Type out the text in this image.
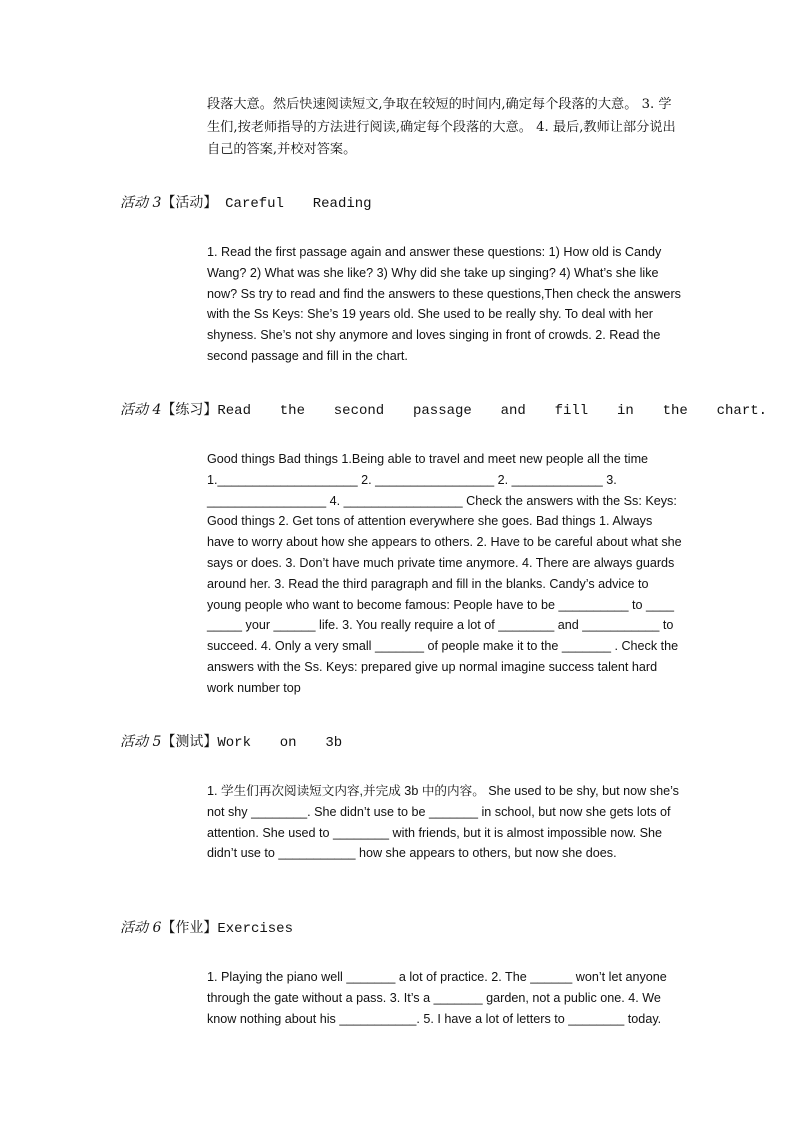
段落大意。然后快速阅读短文,争取在较短的时间内,确定每个段落的大意。 3. 学生们,按老师指导的方法进行阅读,确定每个段落的大意。 4. 最后,教师让部分说出自己的答案,并校对答案。

活动 3【活动】 Careful  Reading

1. Read the first passage again and answer these questions: 1) How old is Candy Wang? 2) What was she like? 3) Why did she take up singing? 4) What’s she like now? Ss try to read and find the answers to these questions,Then check the answers with the Ss Keys: She’s 19 years old. She used to be really shy. To deal with her shyness. She’s not shy anymore and loves singing in front of crowds. 2. Read the second passage and fill in the chart.

活动 4【练习】Read  the  second  passage  and  fill  in  the  chart.

Good things Bad things 1.Being able to travel and meet new people all the time 1.____________________ 2. _________________ 2. _____________ 3. _________________ 4. _________________ Check the answers with the Ss: Keys: Good things 2. Get tons of attention everywhere she goes. Bad things 1. Always have to worry about how she appears to others. 2. Have to be careful about what she says or does. 3. Don’t have much private time anymore. 4. There are always guards around her. 3. Read the third paragraph and fill in the blanks. Candy’s advice to young people who want to become famous: People have to be __________ to ____ _____ your ______ life. 3. You really require a lot of ________ and ___________ to succeed. 4. Only a very small _______ of people make it to the _______ . Check the answers with the Ss. Keys: prepared give up normal imagine success talent hard work number top

活动 5【测试】Work  on  3b

1. 学生们再次阅读短文内容,并完成 3b 中的内容。 She used to be shy, but now she’s not shy ________. She didn’t use to be _______ in school, but now she gets lots of attention. She used to ________ with friends, but it is almost impossible now. She didn’t use to ___________ how she appears to others, but now she does.

活动 6【作业】Exercises

1. Playing the piano well _______ a lot of practice. 2. The ______ won’t let anyone through the gate without a pass. 3. It’s a _______ garden, not a public one. 4. We know nothing about his ___________. 5. I have a lot of letters to ________ today.
